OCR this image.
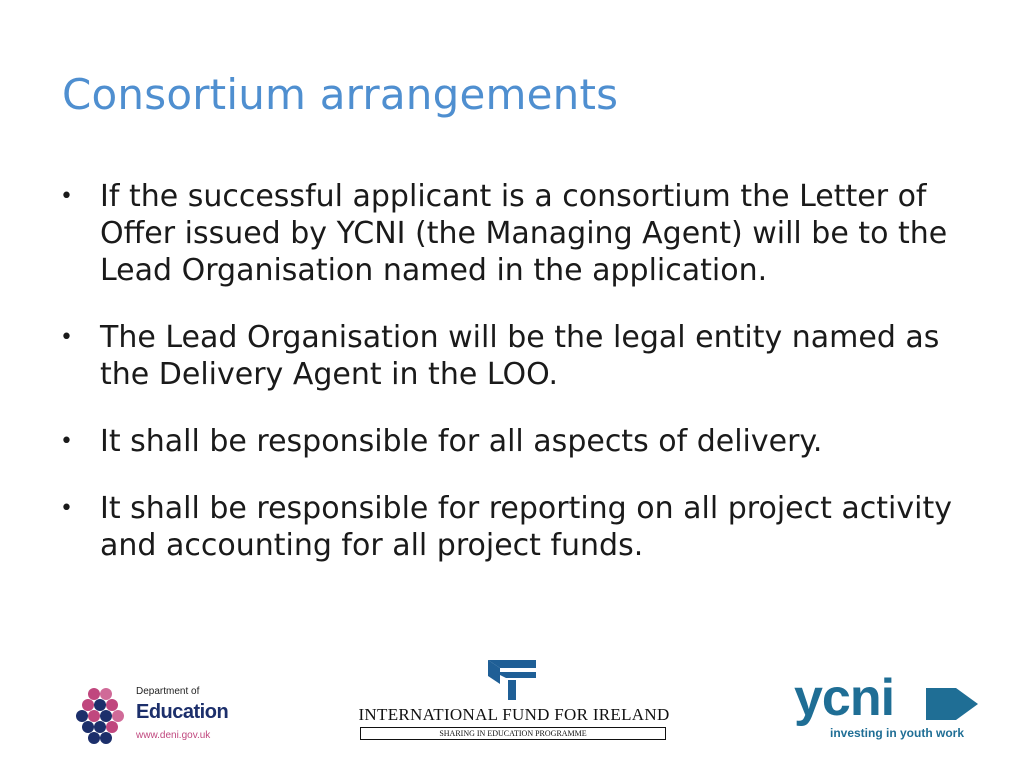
Consortium arrangements
• If the successful applicant is a consortium the Letter of Offer issued by YCNI (the Managing Agent) will be to the Lead Organisation named in the application.
• The Lead Organisation will be the legal entity named as the Delivery Agent in the LOO.
• It shall be responsible for all aspects of delivery.
• It shall be responsible for reporting on all project activity and accounting for all project funds.
Department of
Education
www.deni.gov.uk
INTERNATIONAL FUND FOR IRELAND
SHARING IN EDUCATION PROGRAMME
ycni
investing in youth work
